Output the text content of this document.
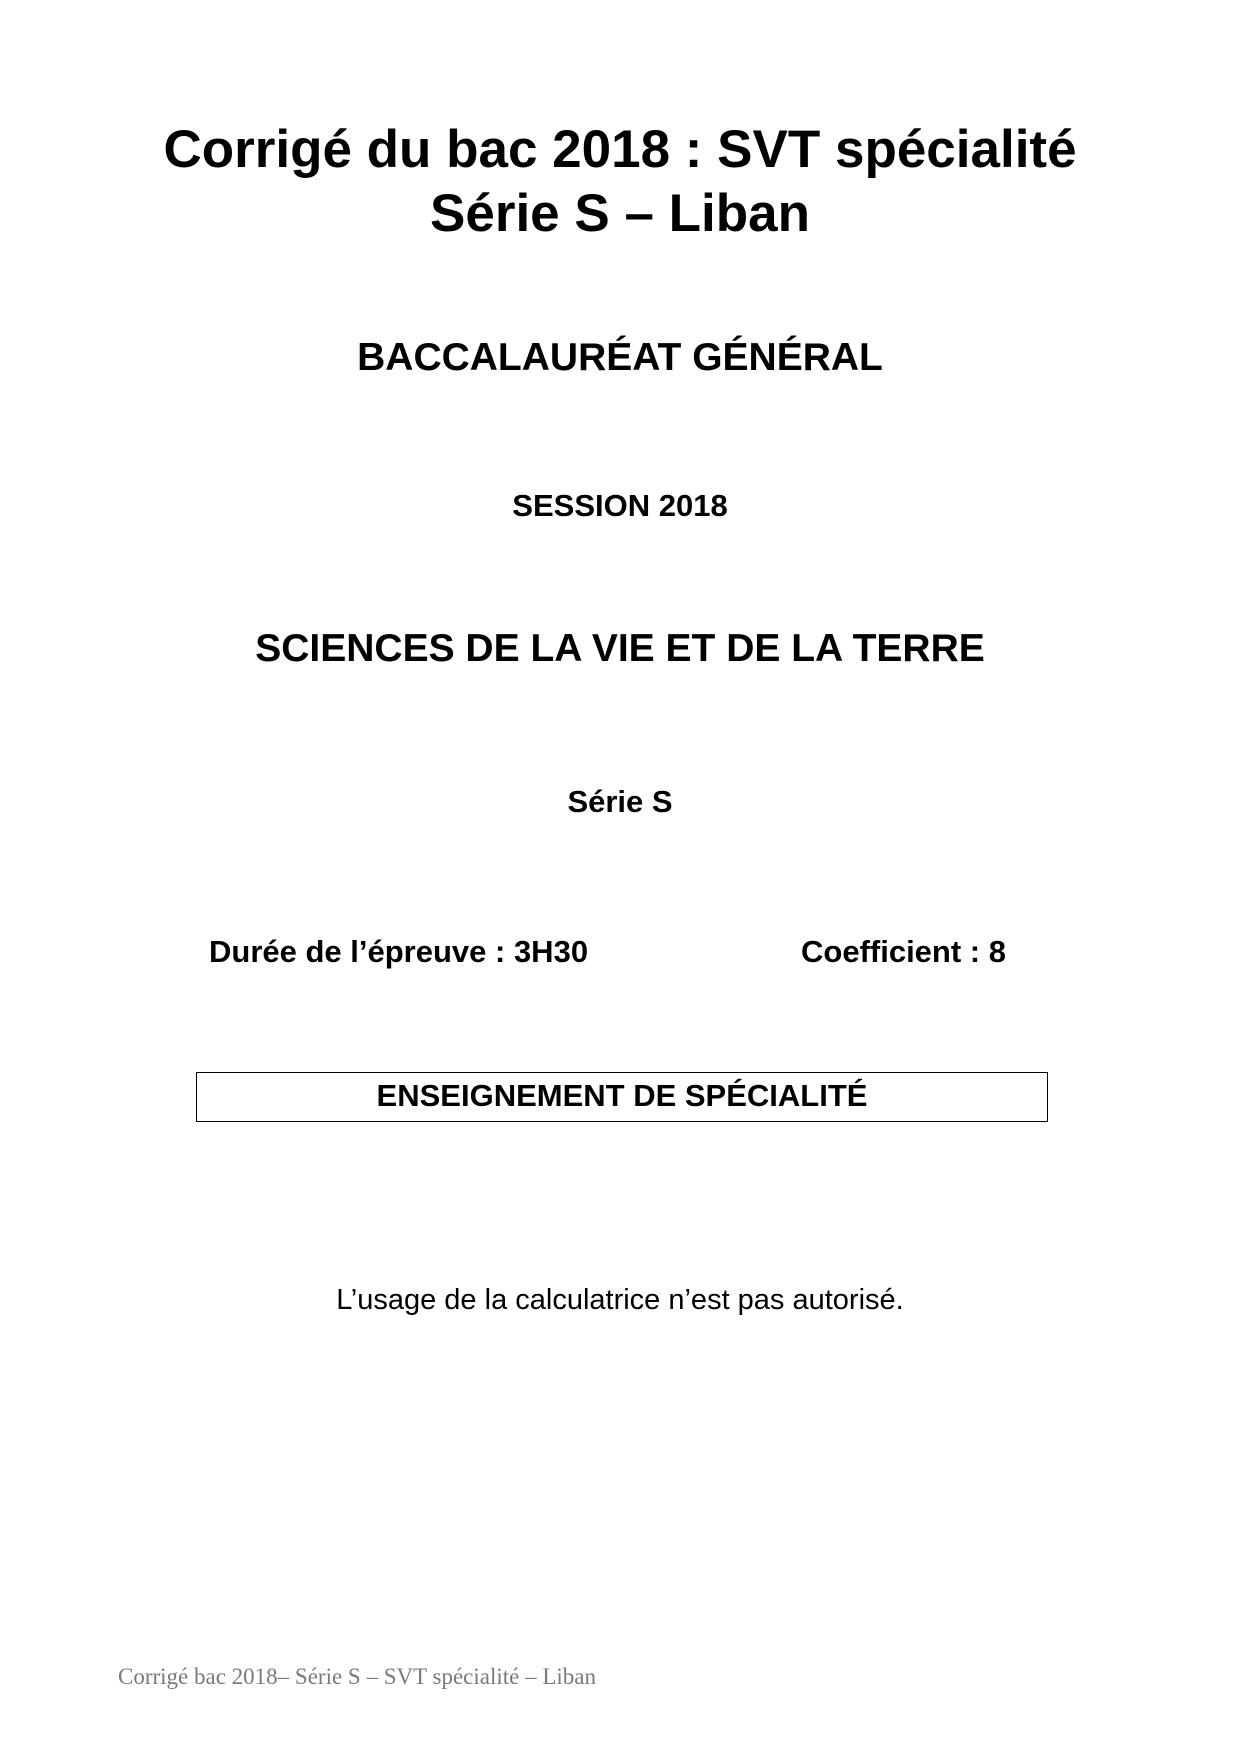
Corrigé du bac 2018 : SVT spécialité
Série S – Liban
BACCALAURÉAT GÉNÉRAL
SESSION 2018
SCIENCES DE LA VIE ET DE LA TERRE
Série S
Durée de l’épreuve : 3H30	Coefficient : 8
ENSEIGNEMENT DE SPÉCIALITÉ
L’usage de la calculatrice n’est pas autorisé.
Corrigé bac 2018– Série S – SVT spécialité – Liban
